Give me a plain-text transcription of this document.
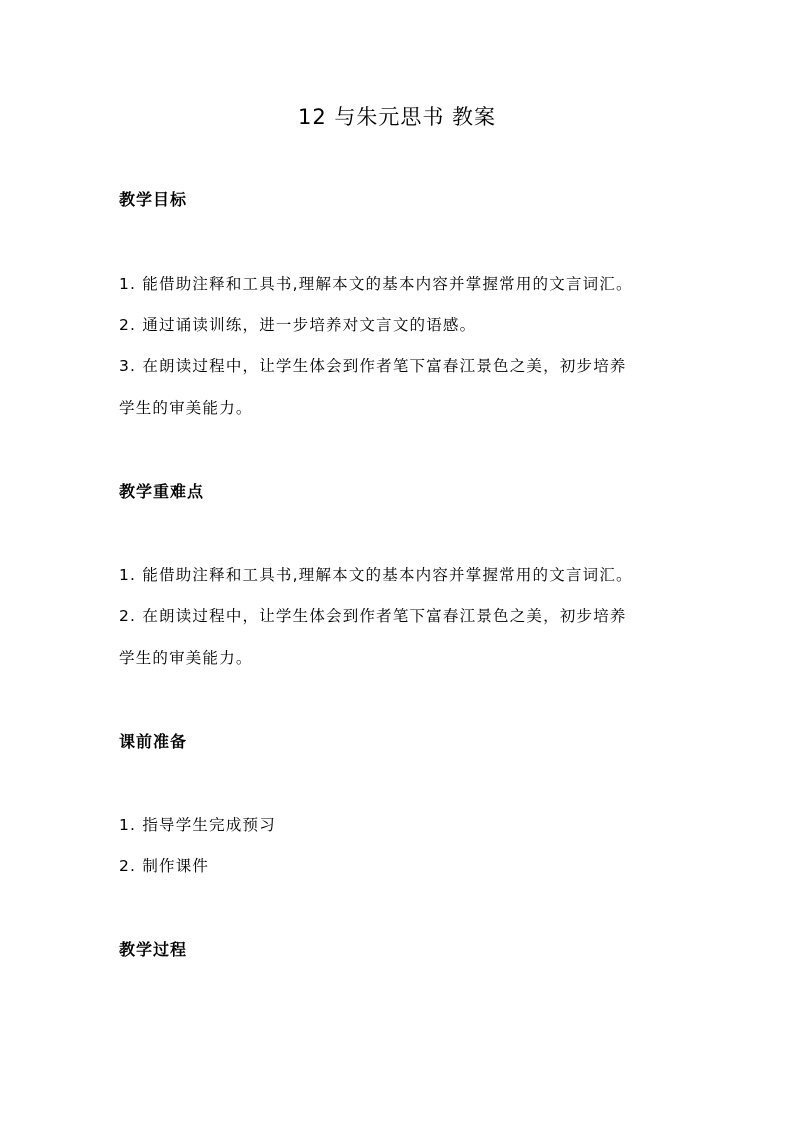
12 与朱元思书 教案
教学目标
1. 能借助注释和工具书,理解本文的基本内容并掌握常用的文言词汇。
2. 通过诵读训练，进一步培养对文言文的语感。
3. 在朗读过程中，让学生体会到作者笔下富春江景色之美，初步培养
学生的审美能力。
教学重难点
1. 能借助注释和工具书,理解本文的基本内容并掌握常用的文言词汇。
2. 在朗读过程中，让学生体会到作者笔下富春江景色之美，初步培养
学生的审美能力。
课前准备
1. 指导学生完成预习
2. 制作课件
教学过程
